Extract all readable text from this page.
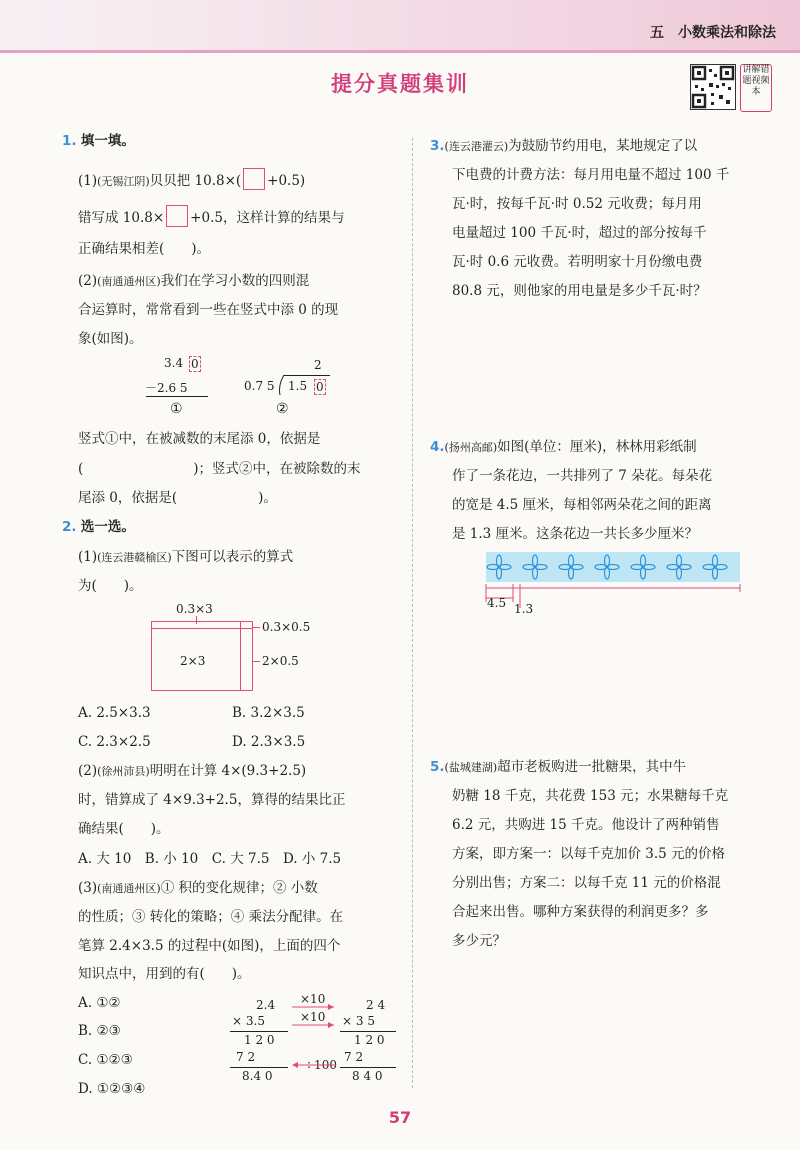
五　小数乘法和除法
提分真题集训
讲解错题视频本
1. 填一填。
(1)(无锡江阴)贝贝把 10.8×( +0.5)
错写成 10.8× +0.5，这样计算的结果与
正确结果相差(　　)。
(2)(南通通州区)我们在学习小数的四则混
合运算时，常常看到一些在竖式中添 0 的现
象(如图)。
3.4 0
－2.6 5
①
2
0.7 5 1.5 0
②
竖式①中，在被减数的末尾添 0，依据是
(	)；竖式②中，在被除数的末
尾添 0，依据是(　　　　　　)。
2. 选一选。
(1)(连云港赣榆区)下图可以表示的算式
为(　　)。
0.3×3
2×3
0.3×0.5
2×0.5
A. 2.5×3.3	B. 3.2×3.5
C. 2.3×2.5	D. 2.3×3.5
(2)(徐州沛县)明明在计算 4×(9.3+2.5)
时，错算成了 4×9.3+2.5，算得的结果比正
确结果(　　)。
A. 大 10　B. 小 10　C. 大 7.5　D. 小 7.5
(3)(南通通州区)① 积的变化规律；② 小数
的性质；③ 转化的策略；④ 乘法分配律。在
笔算 2.4×3.5 的过程中(如图)，上面的四个
知识点中，用到的有(　　)。
A. ①②
B. ②③
C. ①②③
D. ①②③④
2.4
× 3.5
1 2 0
7 2
8.4 0
×10
×10
÷100
2 4
× 3 5
1 2 0
7 2
8 4 0
3.(连云港灌云)为鼓励节约用电，某地规定了以
下电费的计费方法：每月用电量不超过 100 千
瓦·时，按每千瓦·时 0.52 元收费；每月用
电量超过 100 千瓦·时，超过的部分按每千
瓦·时 0.6 元收费。若明明家十月份缴电费
80.8 元，则他家的用电量是多少千瓦·时？
4.(扬州高邮)如图(单位：厘米)，林林用彩纸制
作了一条花边，一共排列了 7 朵花。每朵花
的宽是 4.5 厘米，每相邻两朵花之间的距离
是 1.3 厘米。这条花边一共长多少厘米？
4.5 1.3
5.(盐城建湖)超市老板购进一批糖果，其中牛
奶糖 18 千克，共花费 153 元；水果糖每千克
6.2 元，共购进 15 千克。他设计了两种销售
方案，即方案一：以每千克加价 3.5 元的价格
分别出售；方案二：以每千克 11 元的价格混
合起来出售。哪种方案获得的利润更多？多
多少元？
57
